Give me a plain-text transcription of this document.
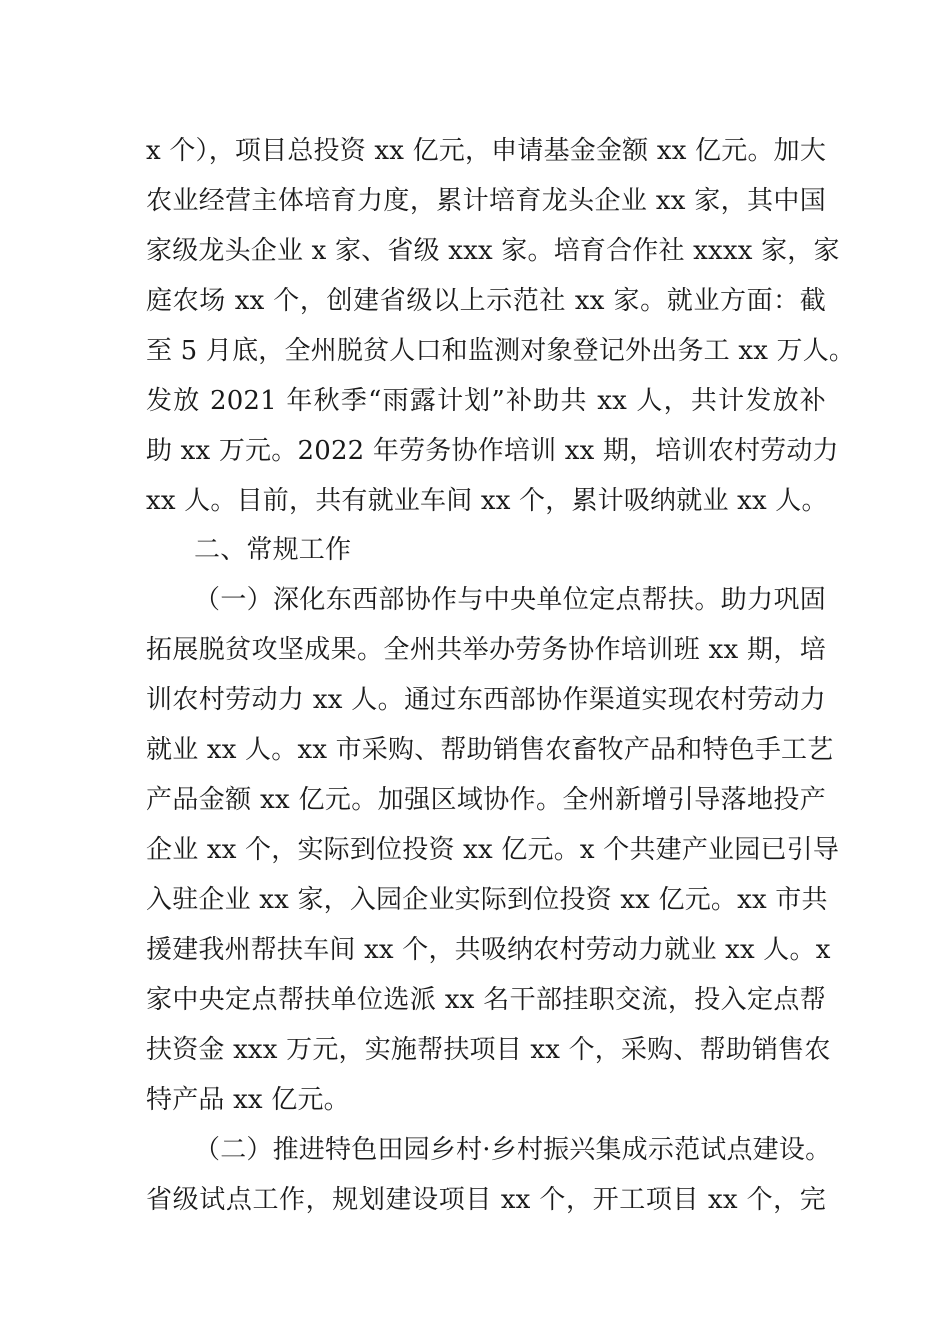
x 个），项目总投资 xx 亿元，申请基金金额 xx 亿元。加大
农业经营主体培育力度，累计培育龙头企业 xx 家，其中国
家级龙头企业 x 家、省级 xxx 家。培育合作社 xxxx 家，家
庭农场 xx 个，创建省级以上示范社 xx 家。就业方面：截
至 5 月底，全州脱贫人口和监测对象登记外出务工 xx 万人。
发放 2021 年秋季“雨露计划”补助共 xx 人，共计发放补
助 xx 万元。2022 年劳务协作培训 xx 期，培训农村劳动力
xx 人。目前，共有就业车间 xx 个，累计吸纳就业 xx 人。
二、常规工作
（一）深化东西部协作与中央单位定点帮扶。助力巩固
拓展脱贫攻坚成果。全州共举办劳务协作培训班 xx 期，培
训农村劳动力 xx 人。通过东西部协作渠道实现农村劳动力
就业 xx 人。xx 市采购、帮助销售农畜牧产品和特色手工艺
产品金额 xx 亿元。加强区域协作。全州新增引导落地投产
企业 xx 个，实际到位投资 xx 亿元。x 个共建产业园已引导
入驻企业 xx 家，入园企业实际到位投资 xx 亿元。xx 市共
援建我州帮扶车间 xx 个，共吸纳农村劳动力就业 xx 人。x
家中央定点帮扶单位选派 xx 名干部挂职交流，投入定点帮
扶资金 xxx 万元，实施帮扶项目 xx 个，采购、帮助销售农
特产品 xx 亿元。
（二）推进特色田园乡村·乡村振兴集成示范试点建设。
省级试点工作，规划建设项目 xx 个，开工项目 xx 个，完
